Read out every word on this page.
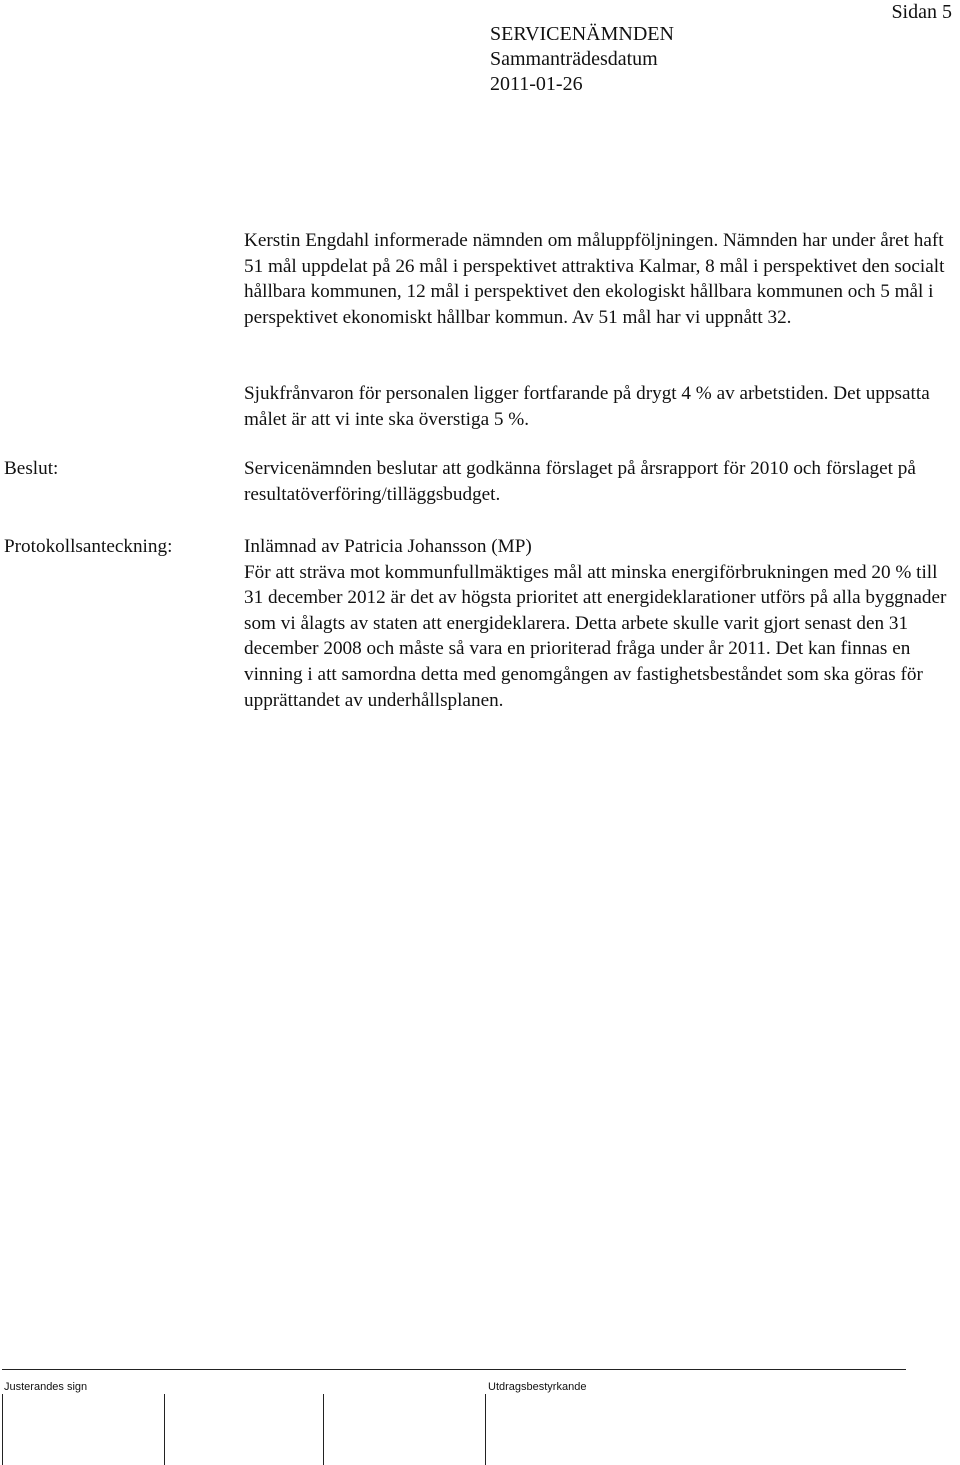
SERVICENÄMNDEN
Sammanträdesdatum
2011-01-26
Sidan 5
Kerstin Engdahl informerade nämnden om måluppföljningen. Nämnden har under året haft 51 mål uppdelat på 26 mål i perspektivet attraktiva Kalmar, 8 mål i perspektivet den socialt hållbara kommunen, 12 mål i perspektivet den ekologiskt hållbara kommunen och 5 mål i perspektivet ekonomiskt hållbar kommun. Av 51 mål har vi uppnått 32.
Sjukfrånvaron för personalen ligger fortfarande på drygt 4 % av arbetstiden. Det uppsatta målet är att vi inte ska överstiga 5 %.
Beslut:	Servicenämnden beslutar att godkänna förslaget på årsrapport för 2010 och förslaget på resultatöverföring/tilläggsbudget.
Protokollsanteckning:	Inlämnad av Patricia Johansson (MP)
För att sträva mot kommunfullmäktiges mål att minska energiförbrukningen med 20 % till 31 december 2012 är det av högsta prioritet att energideklarationer utförs på alla byggnader som vi ålagts av staten att energideklarera. Detta arbete skulle varit gjort senast den 31 december 2008 och måste så vara en prioriterad fråga under år 2011. Det kan finnas en vinning i att samordna detta med genomgången av fastighetsbeståndet som ska göras för upprättandet av underhållsplanen.
Justerandes sign	Utdragsbestyrkande
